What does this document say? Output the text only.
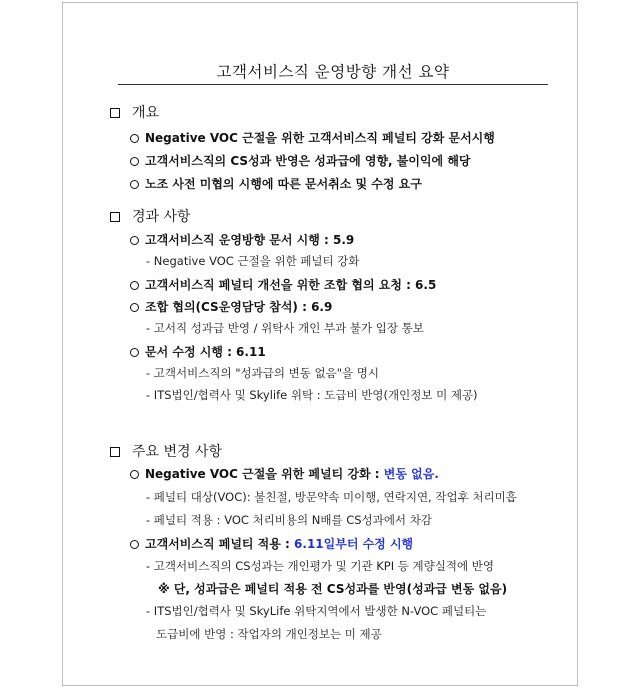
고객서비스직 운영방향 개선 요약
개요
Negative VOC 근절을 위한 고객서비스직 페널티 강화 문서시행
고객서비스직의 CS성과 반영은 성과급에 영향, 불이익에 해당
노조 사전 미협의 시행에 따른 문서취소 및 수정 요구
경과 사항
고객서비스직 운영방향 문서 시행 : 5.9
- Negative VOC 근절을 위한 페널티 강화
고객서비스직 페널티 개선을 위한 조합 협의 요청 : 6.5
조합 협의(CS운영담당 참석) : 6.9
- 고서직 성과급 반영 / 위탁사 개인 부과 불가 입장 통보
문서 수정 시행 : 6.11
- 고객서비스직의 "성과급의 변동 없음"을 명시
- ITS법인/협력사 및 Skylife 위탁 : 도급비 반영(개인정보 미 제공)
주요 변경 사항
Negative VOC 근절을 위한 페널티 강화 : 변동 없음.
- 페널티 대상(VOC): 불친절, 방문약속 미이행, 연락지연, 작업후 처리미흡
- 페널티 적용 : VOC 처리비용의 N배를 CS성과에서 차감
고객서비스직 페널티 적용 : 6.11일부터 수정 시행
- 고객서비스직의 CS성과는 개인평가 및 기관 KPI 등 계량실적에 반영
※ 단, 성과급은 페널티 적용 전 CS성과를 반영(성과급 변동 없음)
- ITS법인/협력사 및 SkyLife 위탁지역에서 발생한 N-VOC 페널티는
도급비에 반영 : 작업자의 개인정보는 미 제공
